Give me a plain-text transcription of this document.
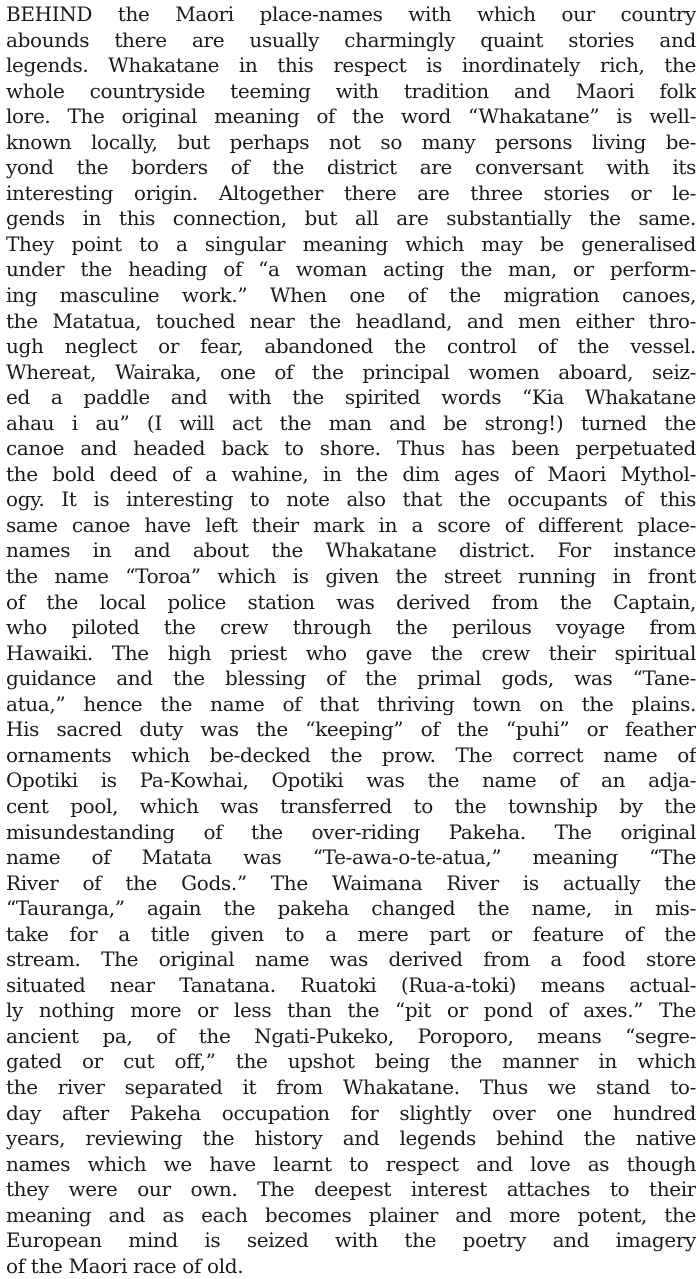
BEHIND the Maori place-names with which our country
abounds there are usually charmingly quaint stories and
legends. Whakatane in this respect is inordinately rich, the
whole countryside teeming with tradition and Maori folk
lore. The original meaning of the word “Whakatane” is well-
known locally, but perhaps not so many persons living be-
yond the borders of the district are conversant with its
interesting origin. Altogether there are three stories or le-
gends in this connection, but all are substantially the same.
They point to a singular meaning which may be generalised
under the heading of “a woman acting the man, or perform-
ing masculine work.” When one of the migration canoes,
the Matatua, touched near the headland, and men either thro-
ugh neglect or fear, abandoned the control of the vessel.
Whereat, Wairaka, one of the principal women aboard, seiz-
ed a paddle and with the spirited words “Kia Whakatane
ahau i au” (I will act the man and be strong!) turned the
canoe and headed back to shore. Thus has been perpetuated
the bold deed of a wahine, in the dim ages of Maori Mythol-
ogy. It is interesting to note also that the occupants of this
same canoe have left their mark in a score of different place-
names in and about the Whakatane district. For instance
the name “Toroa” which is given the street running in front
of the local police station was derived from the Captain,
who piloted the crew through the perilous voyage from
Hawaiki. The high priest who gave the crew their spiritual
guidance and the blessing of the primal gods, was “Tane-
atua,” hence the name of that thriving town on the plains.
His sacred duty was the “keeping” of the “puhi” or feather
ornaments which be-decked the prow. The correct name of
Opotiki is Pa-Kowhai, Opotiki was the name of an adja-
cent pool, which was transferred to the township by the
misundestanding of the over-riding Pakeha. The original
name of Matata was “Te-awa-o-te-atua,” meaning “The
River of the Gods.” The Waimana River is actually the
“Tauranga,” again the pakeha changed the name, in mis-
take for a title given to a mere part or feature of the
stream. The original name was derived from a food store
situated near Tanatana. Ruatoki (Rua-a-toki) means actual-
ly nothing more or less than the “pit or pond of axes.” The
ancient pa, of the Ngati-Pukeko, Poroporo, means “segre-
gated or cut off,” the upshot being the manner in which
the river separated it from Whakatane. Thus we stand to-
day after Pakeha occupation for slightly over one hundred
years, reviewing the history and legends behind the native
names which we have learnt to respect and love as though
they were our own. The deepest interest attaches to their
meaning and as each becomes plainer and more potent, the
European mind is seized with the poetry and imagery
of the Maori race of old.
